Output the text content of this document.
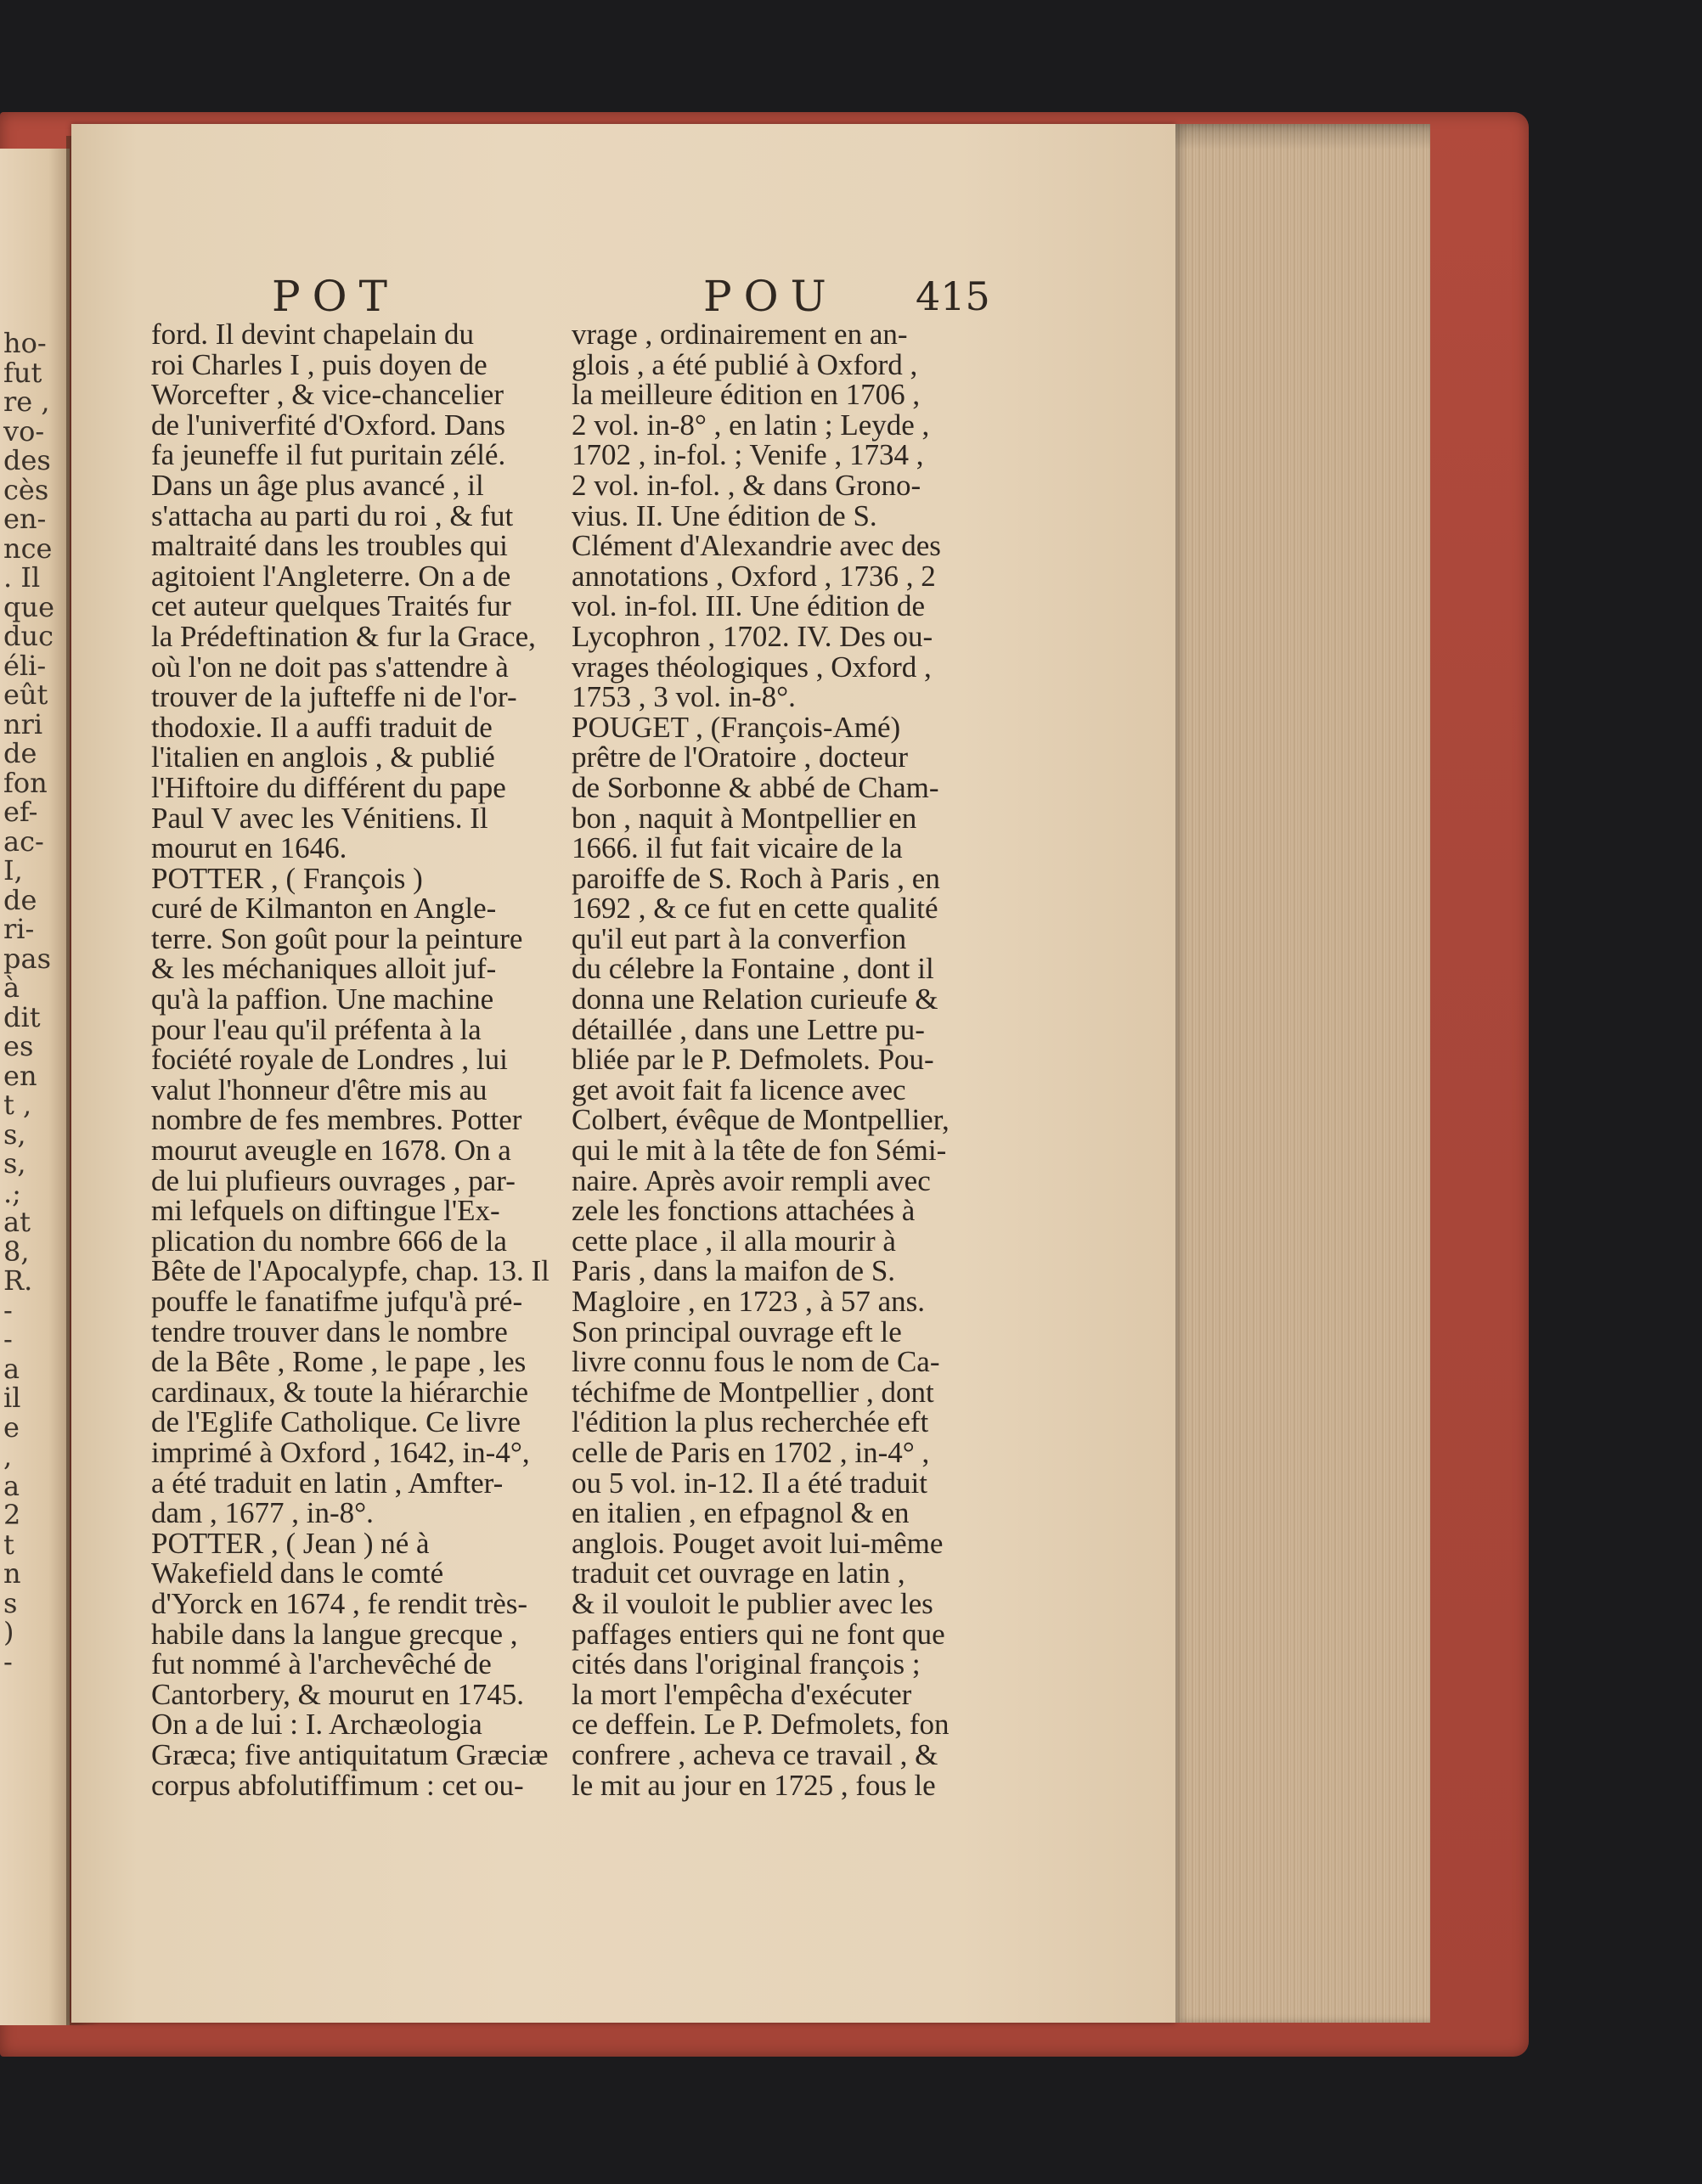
ho-
fut
re ,
vo-
des
cès
en-
nce
. Il
que
duc
éli-
eût
nri
de
fon
ef-
ac-
I,
de
ri-
pas
à
dit
es
en
t ,
s,
s,
.;
at
8,
R.
-
-
a
il
e
,
a
2
t
n
s
)
-
POT	POU 415
ford. Il devint chapelain du
roi Charles I , puis doyen de
Worcefter , & vice-chancelier
de l'univerfité d'Oxford. Dans
fa jeuneffe il fut puritain zélé.
Dans un âge plus avancé , il
s'attacha au parti du roi , & fut
maltraité dans les troubles qui
agitoient l'Angleterre. On a de
cet auteur quelques Traités fur
la Prédeftination & fur la Grace,
où l'on ne doit pas s'attendre à
trouver de la jufteffe ni de l'or-
thodoxie. Il a auffi traduit de
l'italien en anglois , & publié
l'Hiftoire du différent du pape
Paul V avec les Vénitiens. Il
mourut en 1646.
POTTER , ( François )
curé de Kilmanton en Angle-
terre. Son goût pour la peinture
& les méchaniques alloit juf-
qu'à la paffion. Une machine
pour l'eau qu'il préfenta à la
fociété royale de Londres , lui
valut l'honneur d'être mis au
nombre de fes membres. Potter
mourut aveugle en 1678. On a
de lui plufieurs ouvrages , par-
mi lefquels on diftingue l'Ex-
plication du nombre 666 de la
Bête de l'Apocalypfe, chap. 13. Il
pouffe le fanatifme jufqu'à pré-
tendre trouver dans le nombre
de la Bête , Rome , le pape , les
cardinaux, & toute la hiérarchie
de l'Eglife Catholique. Ce livre
imprimé à Oxford , 1642, in-4°,
a été traduit en latin , Amfter-
dam , 1677 , in-8°.
POTTER , ( Jean ) né à
Wakefield dans le comté
d'Yorck en 1674 , fe rendit très-
habile dans la langue grecque ,
fut nommé à l'archevêché de
Cantorbery, & mourut en 1745.
On a de lui : I. Archæologia
Græca; five antiquitatum Græciæ
corpus abfolutiffimum : cet ou-
vrage , ordinairement en an-
glois , a été publié à Oxford ,
la meilleure édition en 1706 ,
2 vol. in-8° , en latin ; Leyde ,
1702 , in-fol. ; Venife , 1734 ,
2 vol. in-fol. , & dans Grono-
vius. II. Une édition de S.
Clément d'Alexandrie avec des
annotations , Oxford , 1736 , 2
vol. in-fol. III. Une édition de
Lycophron , 1702. IV. Des ou-
vrages théologiques , Oxford ,
1753 , 3 vol. in-8°.
POUGET , (François-Amé)
prêtre de l'Oratoire , docteur
de Sorbonne & abbé de Cham-
bon , naquit à Montpellier en
1666. il fut fait vicaire de la
paroiffe de S. Roch à Paris , en
1692 , & ce fut en cette qualité
qu'il eut part à la converfion
du célebre la Fontaine , dont il
donna une Relation curieufe &
détaillée , dans une Lettre pu-
bliée par le P. Defmolets. Pou-
get avoit fait fa licence avec
Colbert, évêque de Montpellier,
qui le mit à la tête de fon Sémi-
naire. Après avoir rempli avec
zele les fonctions attachées à
cette place , il alla mourir à
Paris , dans la maifon de S.
Magloire , en 1723 , à 57 ans.
Son principal ouvrage eft le
livre connu fous le nom de Ca-
téchifme de Montpellier , dont
l'édition la plus recherchée eft
celle de Paris en 1702 , in-4° ,
ou 5 vol. in-12. Il a été traduit
en italien , en efpagnol & en
anglois. Pouget avoit lui-même
traduit cet ouvrage en latin ,
& il vouloit le publier avec les
paffages entiers qui ne font que
cités dans l'original françois ;
la mort l'empêcha d'exécuter
ce deffein. Le P. Defmolets, fon
confrere , acheva ce travail , &
le mit au jour en 1725 , fous le
